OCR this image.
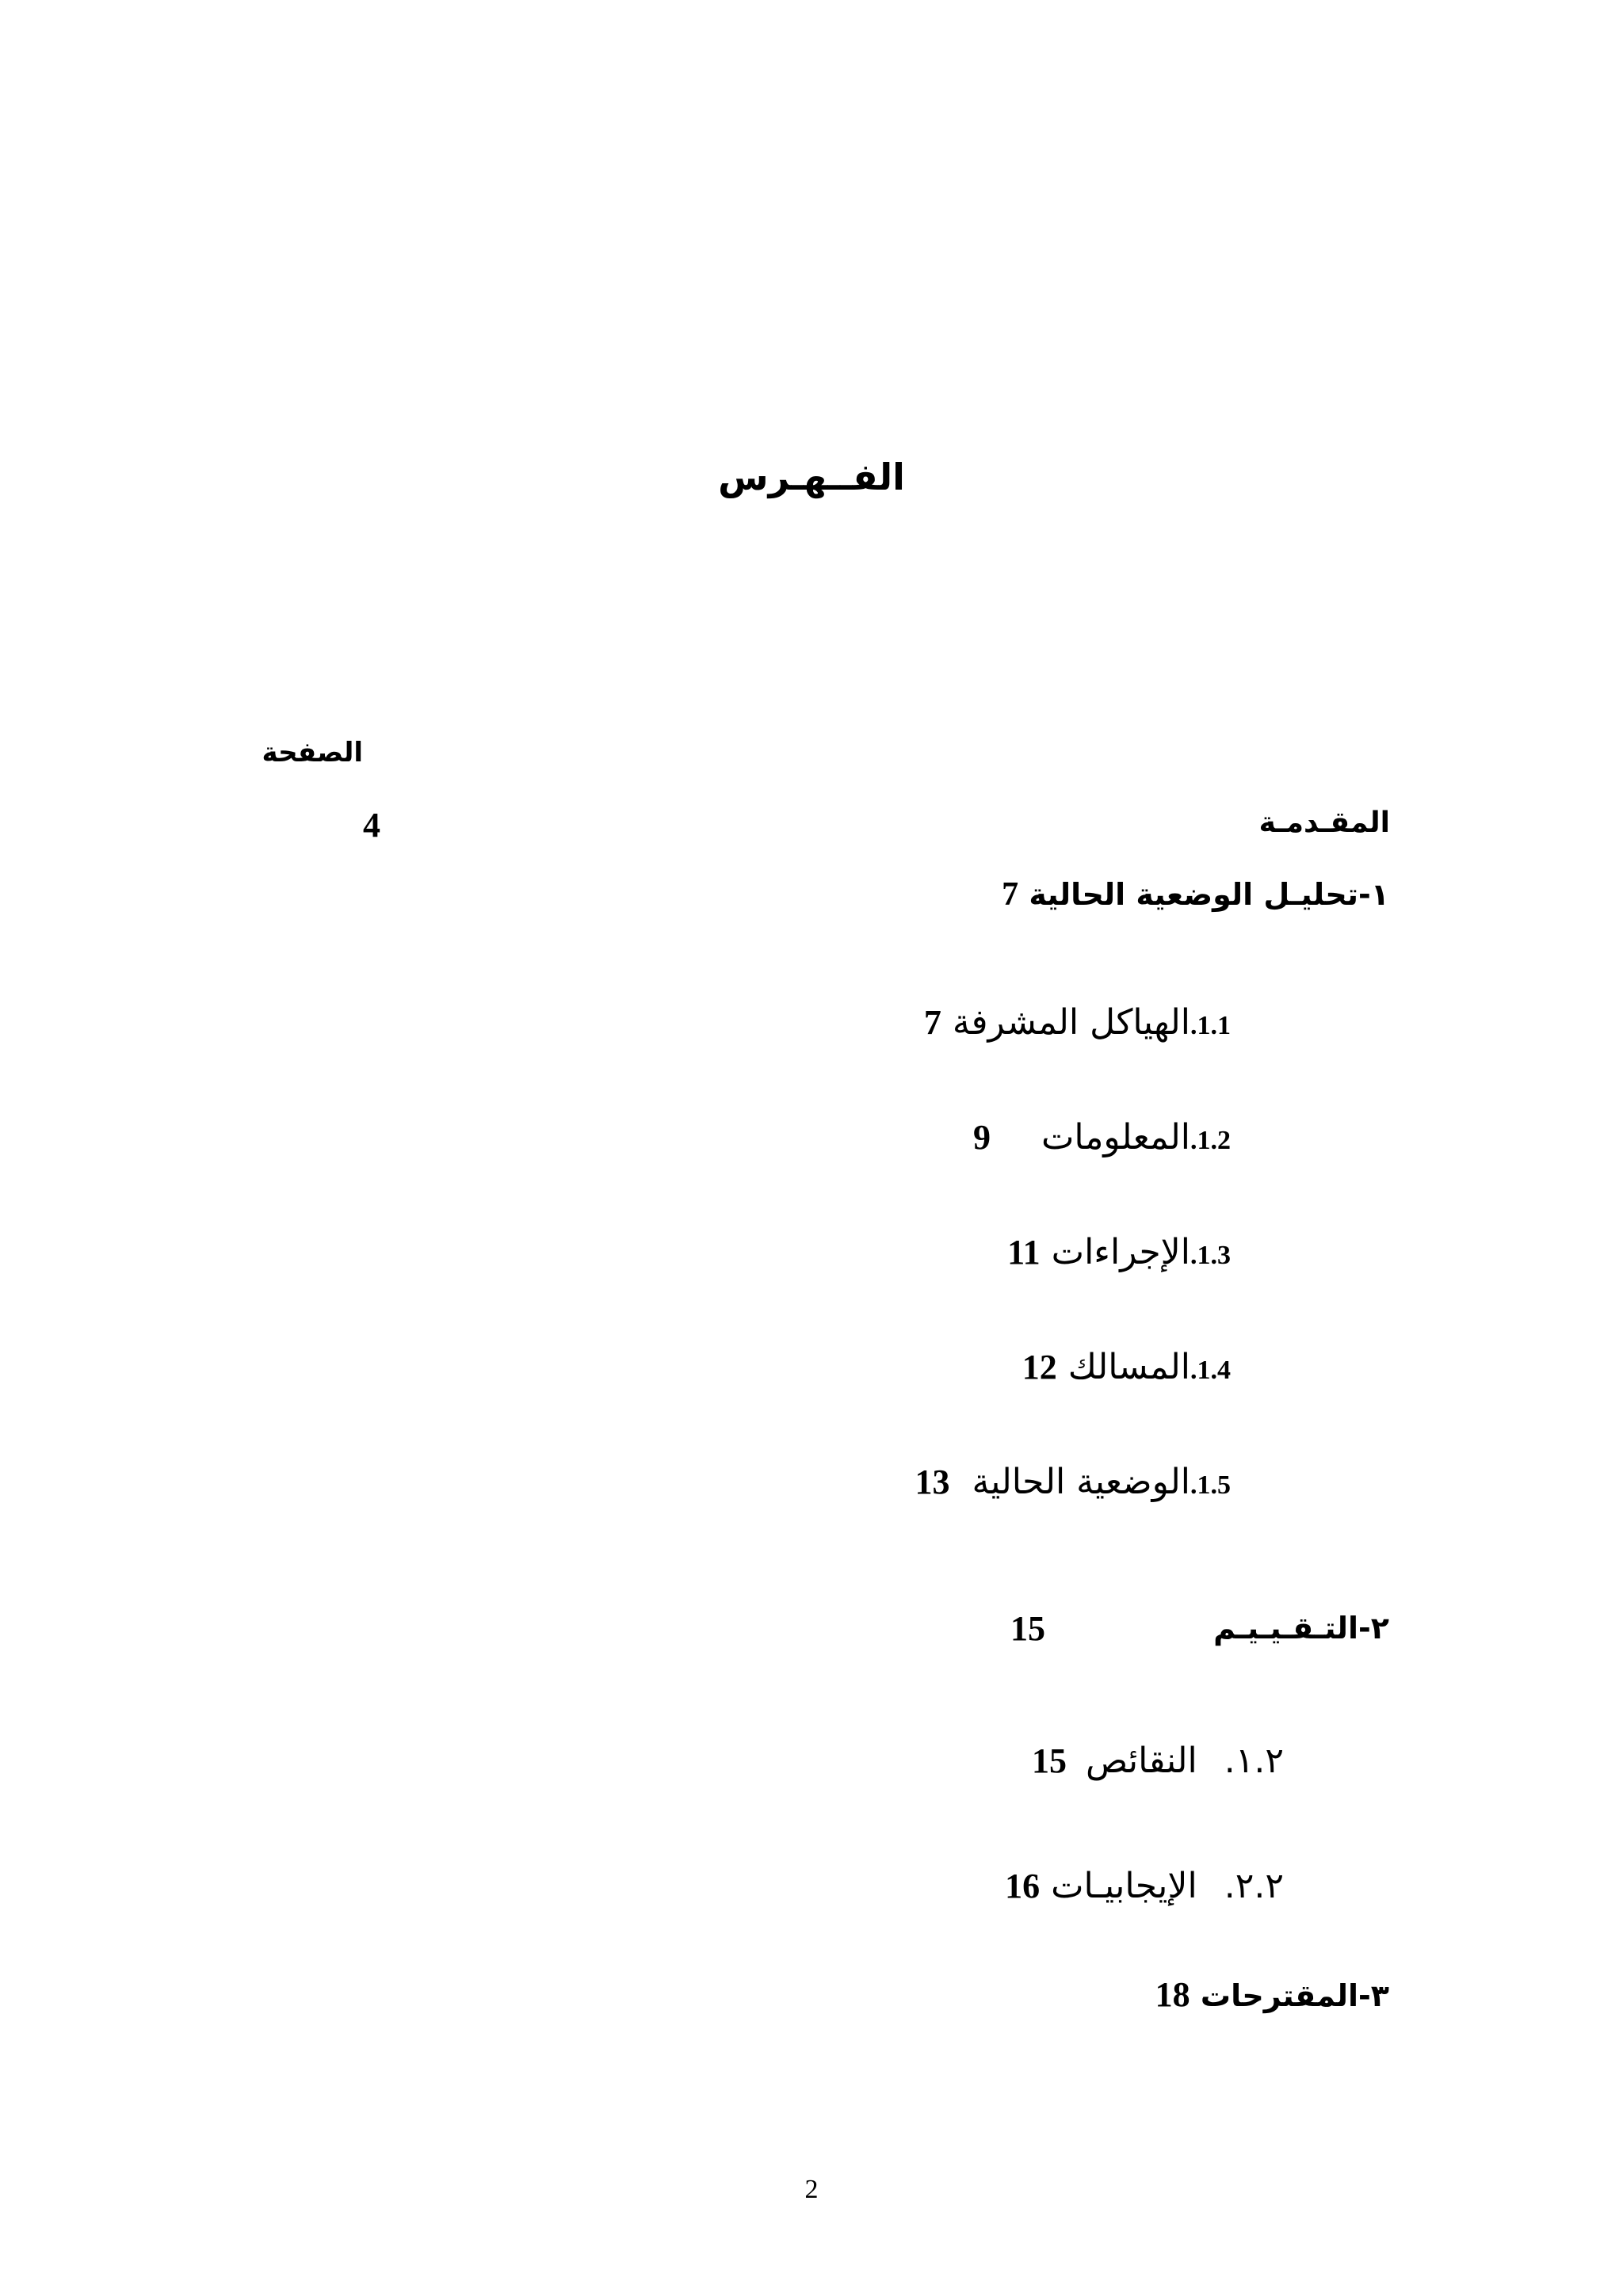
الفــهـرس
الصفحة
المقـدمـة
4
١-تحليـل الوضعية الحالية 7
1.1.الهياكل المشرفة 7
1.2.المعلومات 9
1.3.الإجراءات 11
1.4.المسالك 12
1.5.الوضعية الحالية 13
٢-التـقـيـيـم
15
١.٢.النقائص 15
٢.٢.الإيجابيـات 16
٣-المقترحات 18
2
